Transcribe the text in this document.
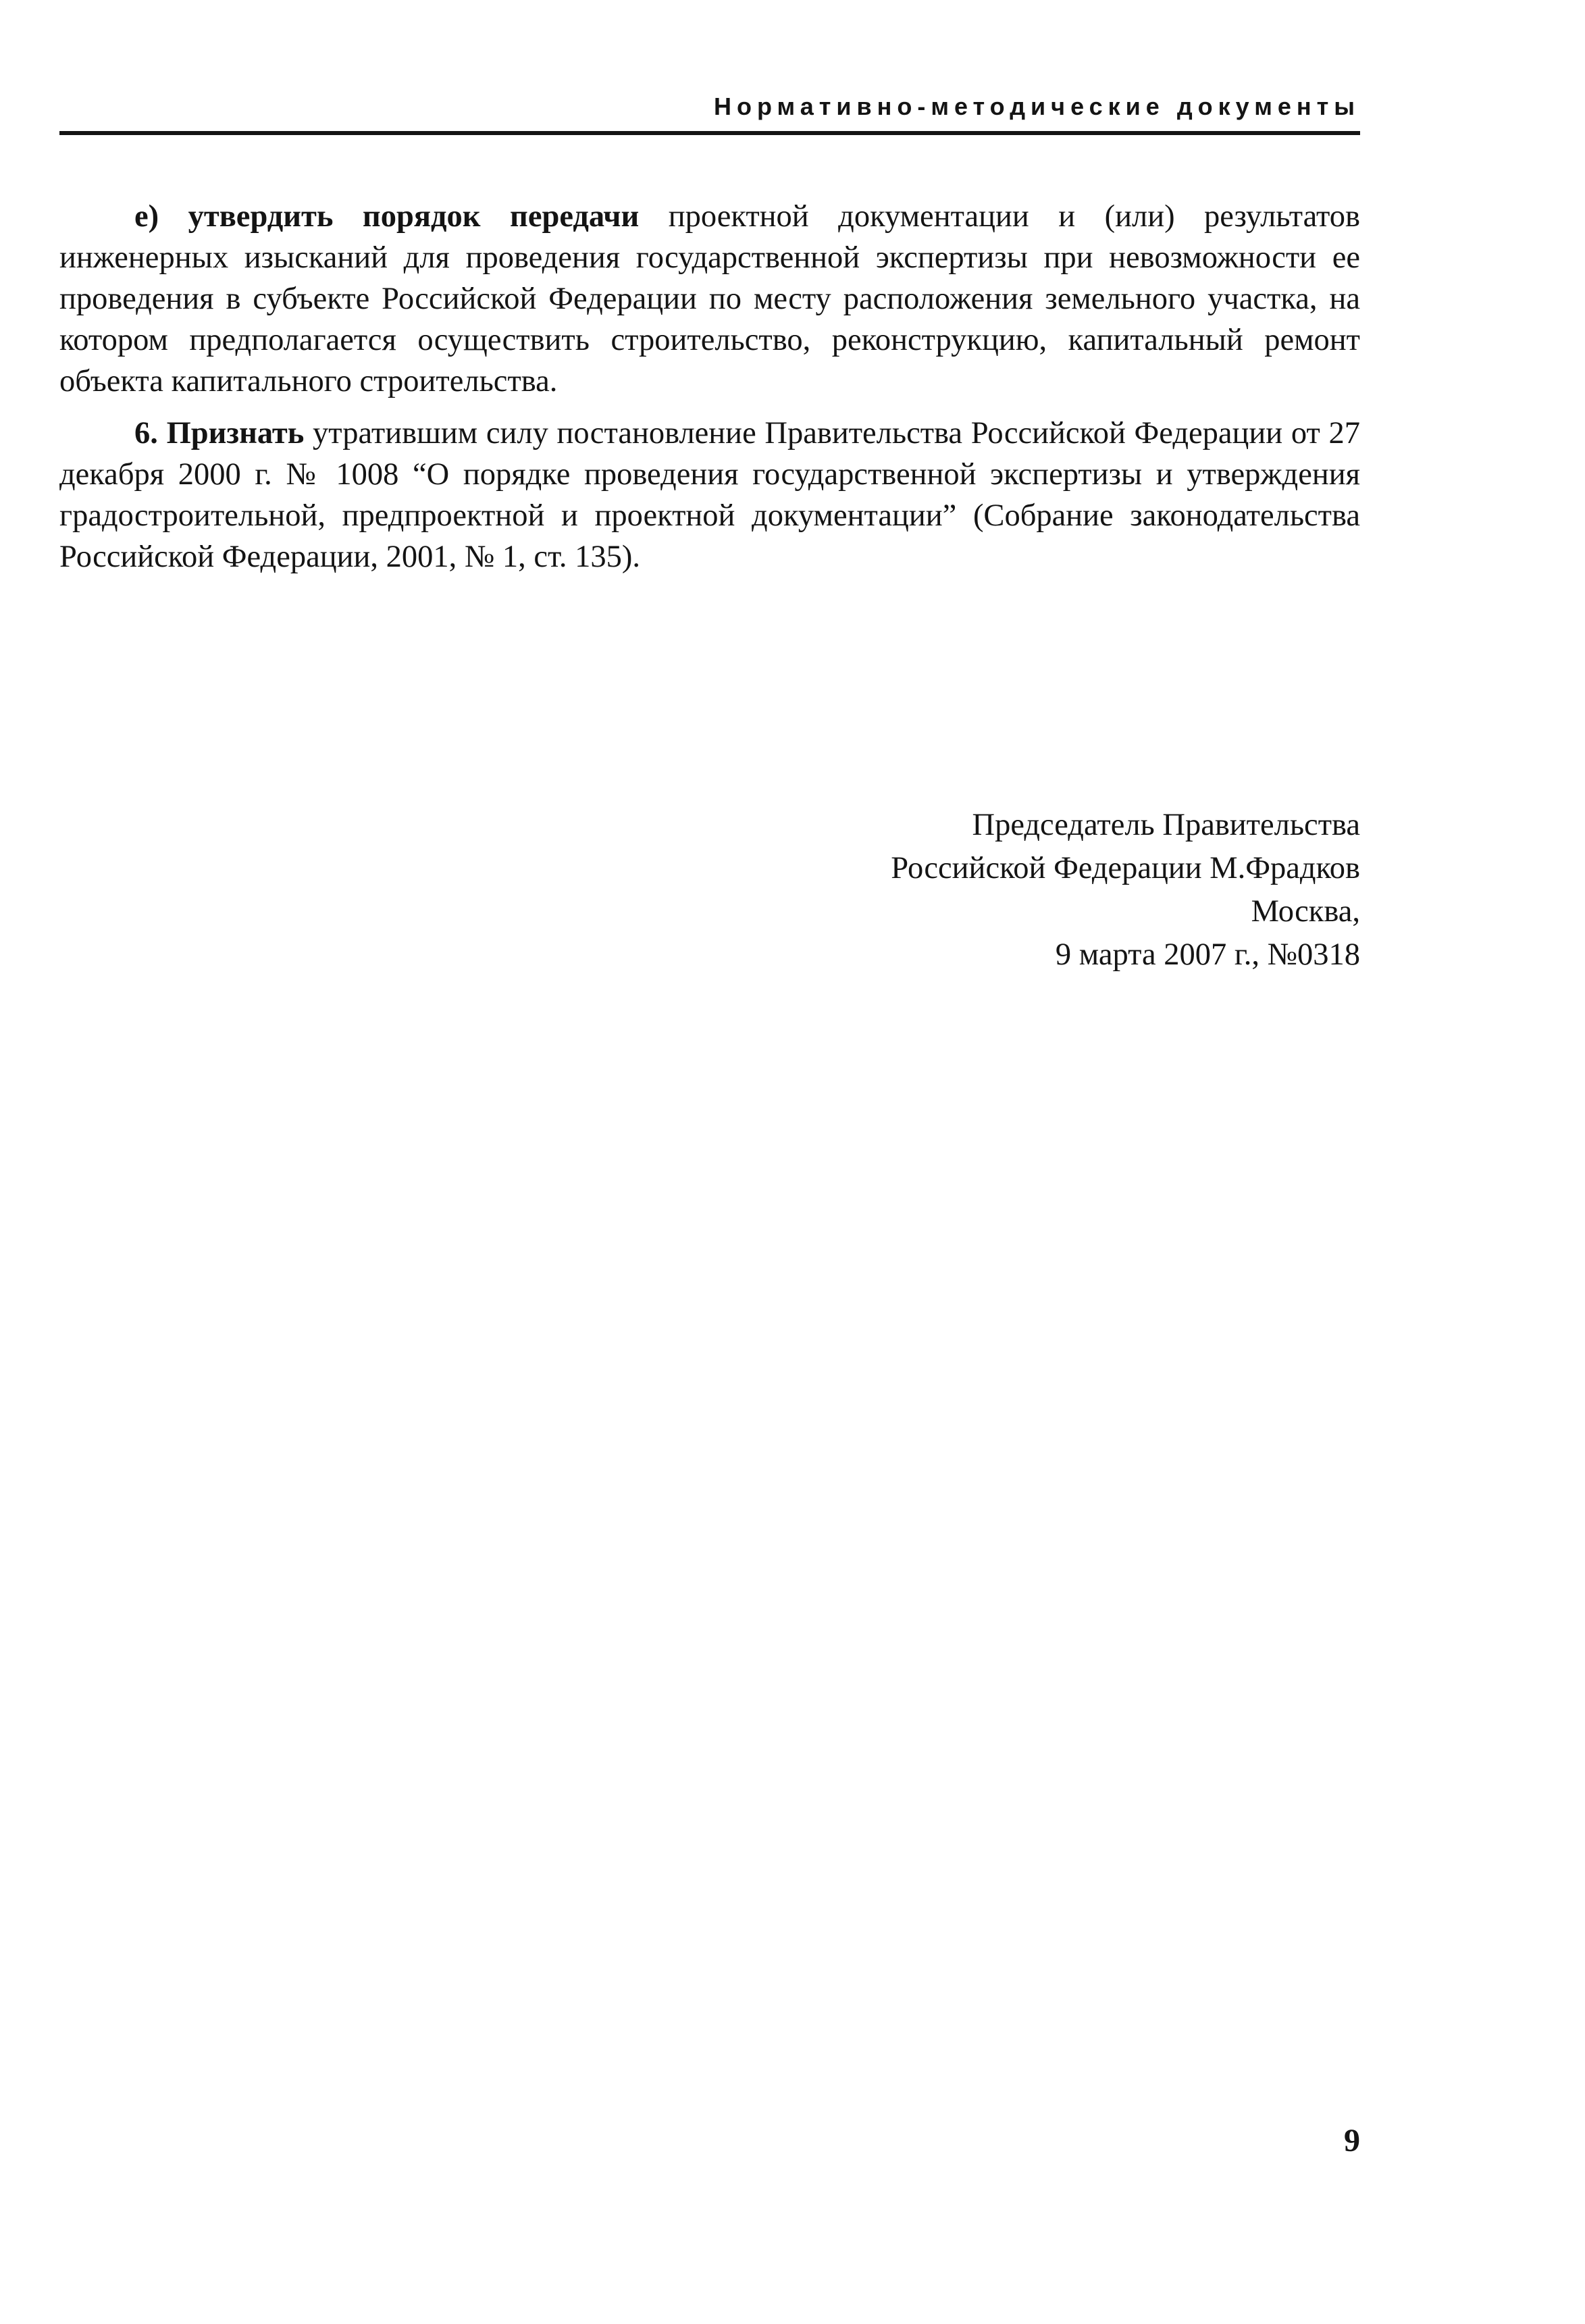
Нормативно-методические документы

е) утвердить порядок передачи проектной документации и (или) результатов инженерных изысканий для проведения государственной экспертизы при невозможности ее проведения в субъекте Российской Федерации по месту расположения земельного участка, на котором предполагается осуществить строительство, реконструкцию, капитальный ремонт объекта капитального строительства.

6. Признать утратившим силу постановление Правительства Российской Федерации от 27 декабря 2000 г. № 1008 “О порядке проведения государственной экспертизы и утверждения градостроительной, предпроектной и проектной документации” (Собрание законодательства Российской Федерации, 2001, № 1, ст. 135).

Председатель Правительства
Российской Федерации М.Фрадков
Москва,
9 марта 2007 г., №0318
9
